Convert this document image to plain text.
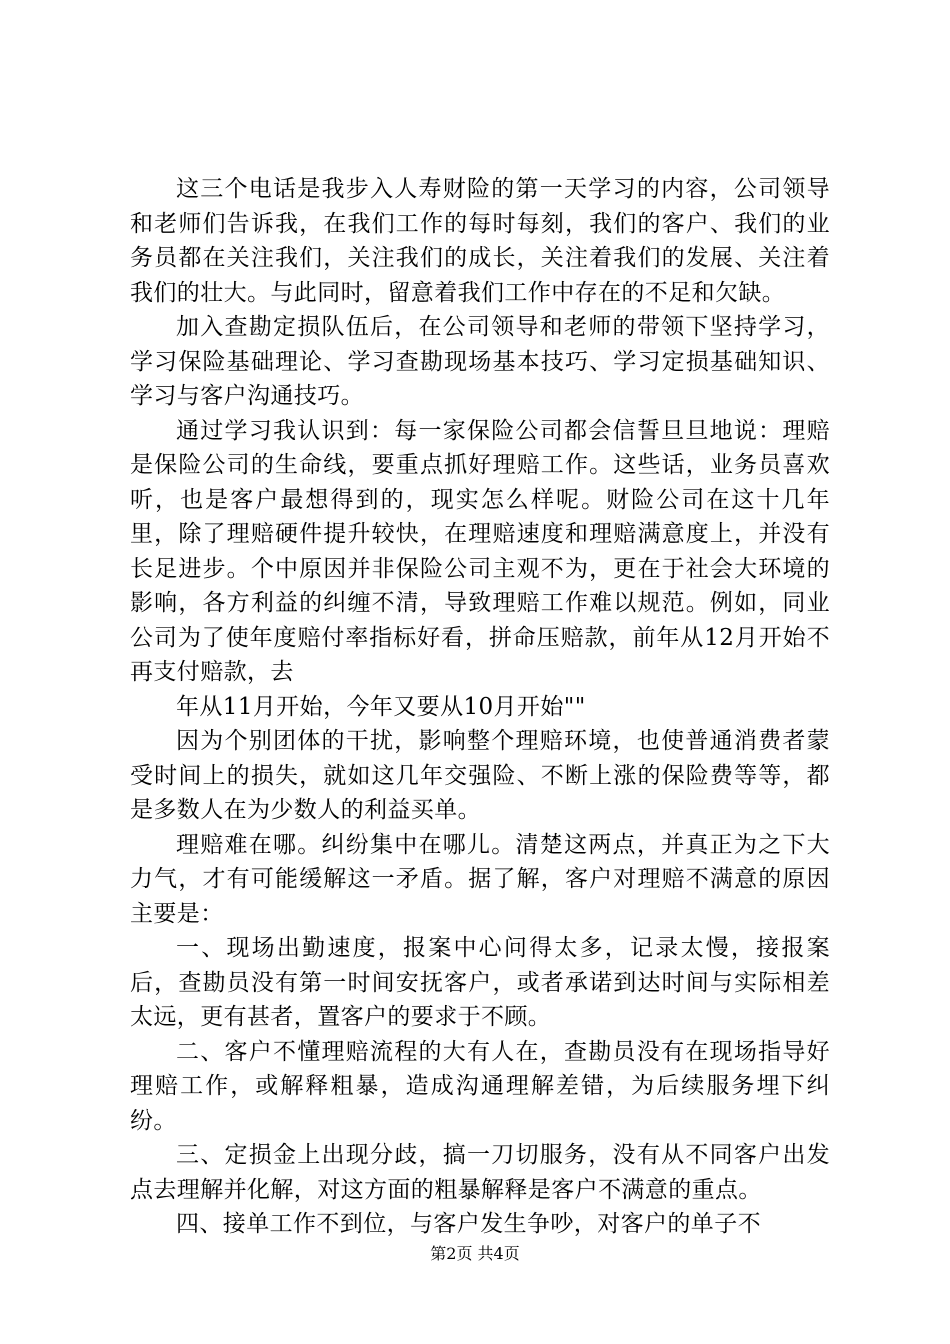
这三个电话是我步入人寿财险的第一天学习的内容，公司领导和老师们告诉我，在我们工作的每时每刻，我们的客户、我们的业务员都在关注我们，关注我们的成长，关注着我们的发展、关注着我们的壮大。与此同时，留意着我们工作中存在的不足和欠缺。

加入查勘定损队伍后，在公司领导和老师的带领下坚持学习，学习保险基础理论、学习查勘现场基本技巧、学习定损基础知识、学习与客户沟通技巧。

通过学习我认识到：每一家保险公司都会信誓旦旦地说：理赔是保险公司的生命线，要重点抓好理赔工作。这些话，业务员喜欢听，也是客户最想得到的，现实怎么样呢。财险公司在这十几年里，除了理赔硬件提升较快，在理赔速度和理赔满意度上，并没有长足进步。个中原因并非保险公司主观不为，更在于社会大环境的影响，各方利益的纠缠不清，导致理赔工作难以规范。例如，同业公司为了使年度赔付率指标好看，拼命压赔款，前年从12月开始不再支付赔款，去

年从11月开始，今年又要从10月开始""

因为个别团体的干扰，影响整个理赔环境，也使普通消费者蒙受时间上的损失，就如这几年交强险、不断上涨的保险费等等，都是多数人在为少数人的利益买单。

理赔难在哪。纠纷集中在哪儿。清楚这两点，并真正为之下大力气，才有可能缓解这一矛盾。据了解，客户对理赔不满意的原因主要是：

一、现场出勤速度，报案中心问得太多，记录太慢，接报案后，查勘员没有第一时间安抚客户，或者承诺到达时间与实际相差太远，更有甚者，置客户的要求于不顾。

二、客户不懂理赔流程的大有人在，查勘员没有在现场指导好理赔工作，或解释粗暴，造成沟通理解差错，为后续服务埋下纠纷。

三、定损金上出现分歧，搞一刀切服务，没有从不同客户出发点去理解并化解，对这方面的粗暴解释是客户不满意的重点。

四、接单工作不到位，与客户发生争吵，对客户的单子不

第2页 共4页
